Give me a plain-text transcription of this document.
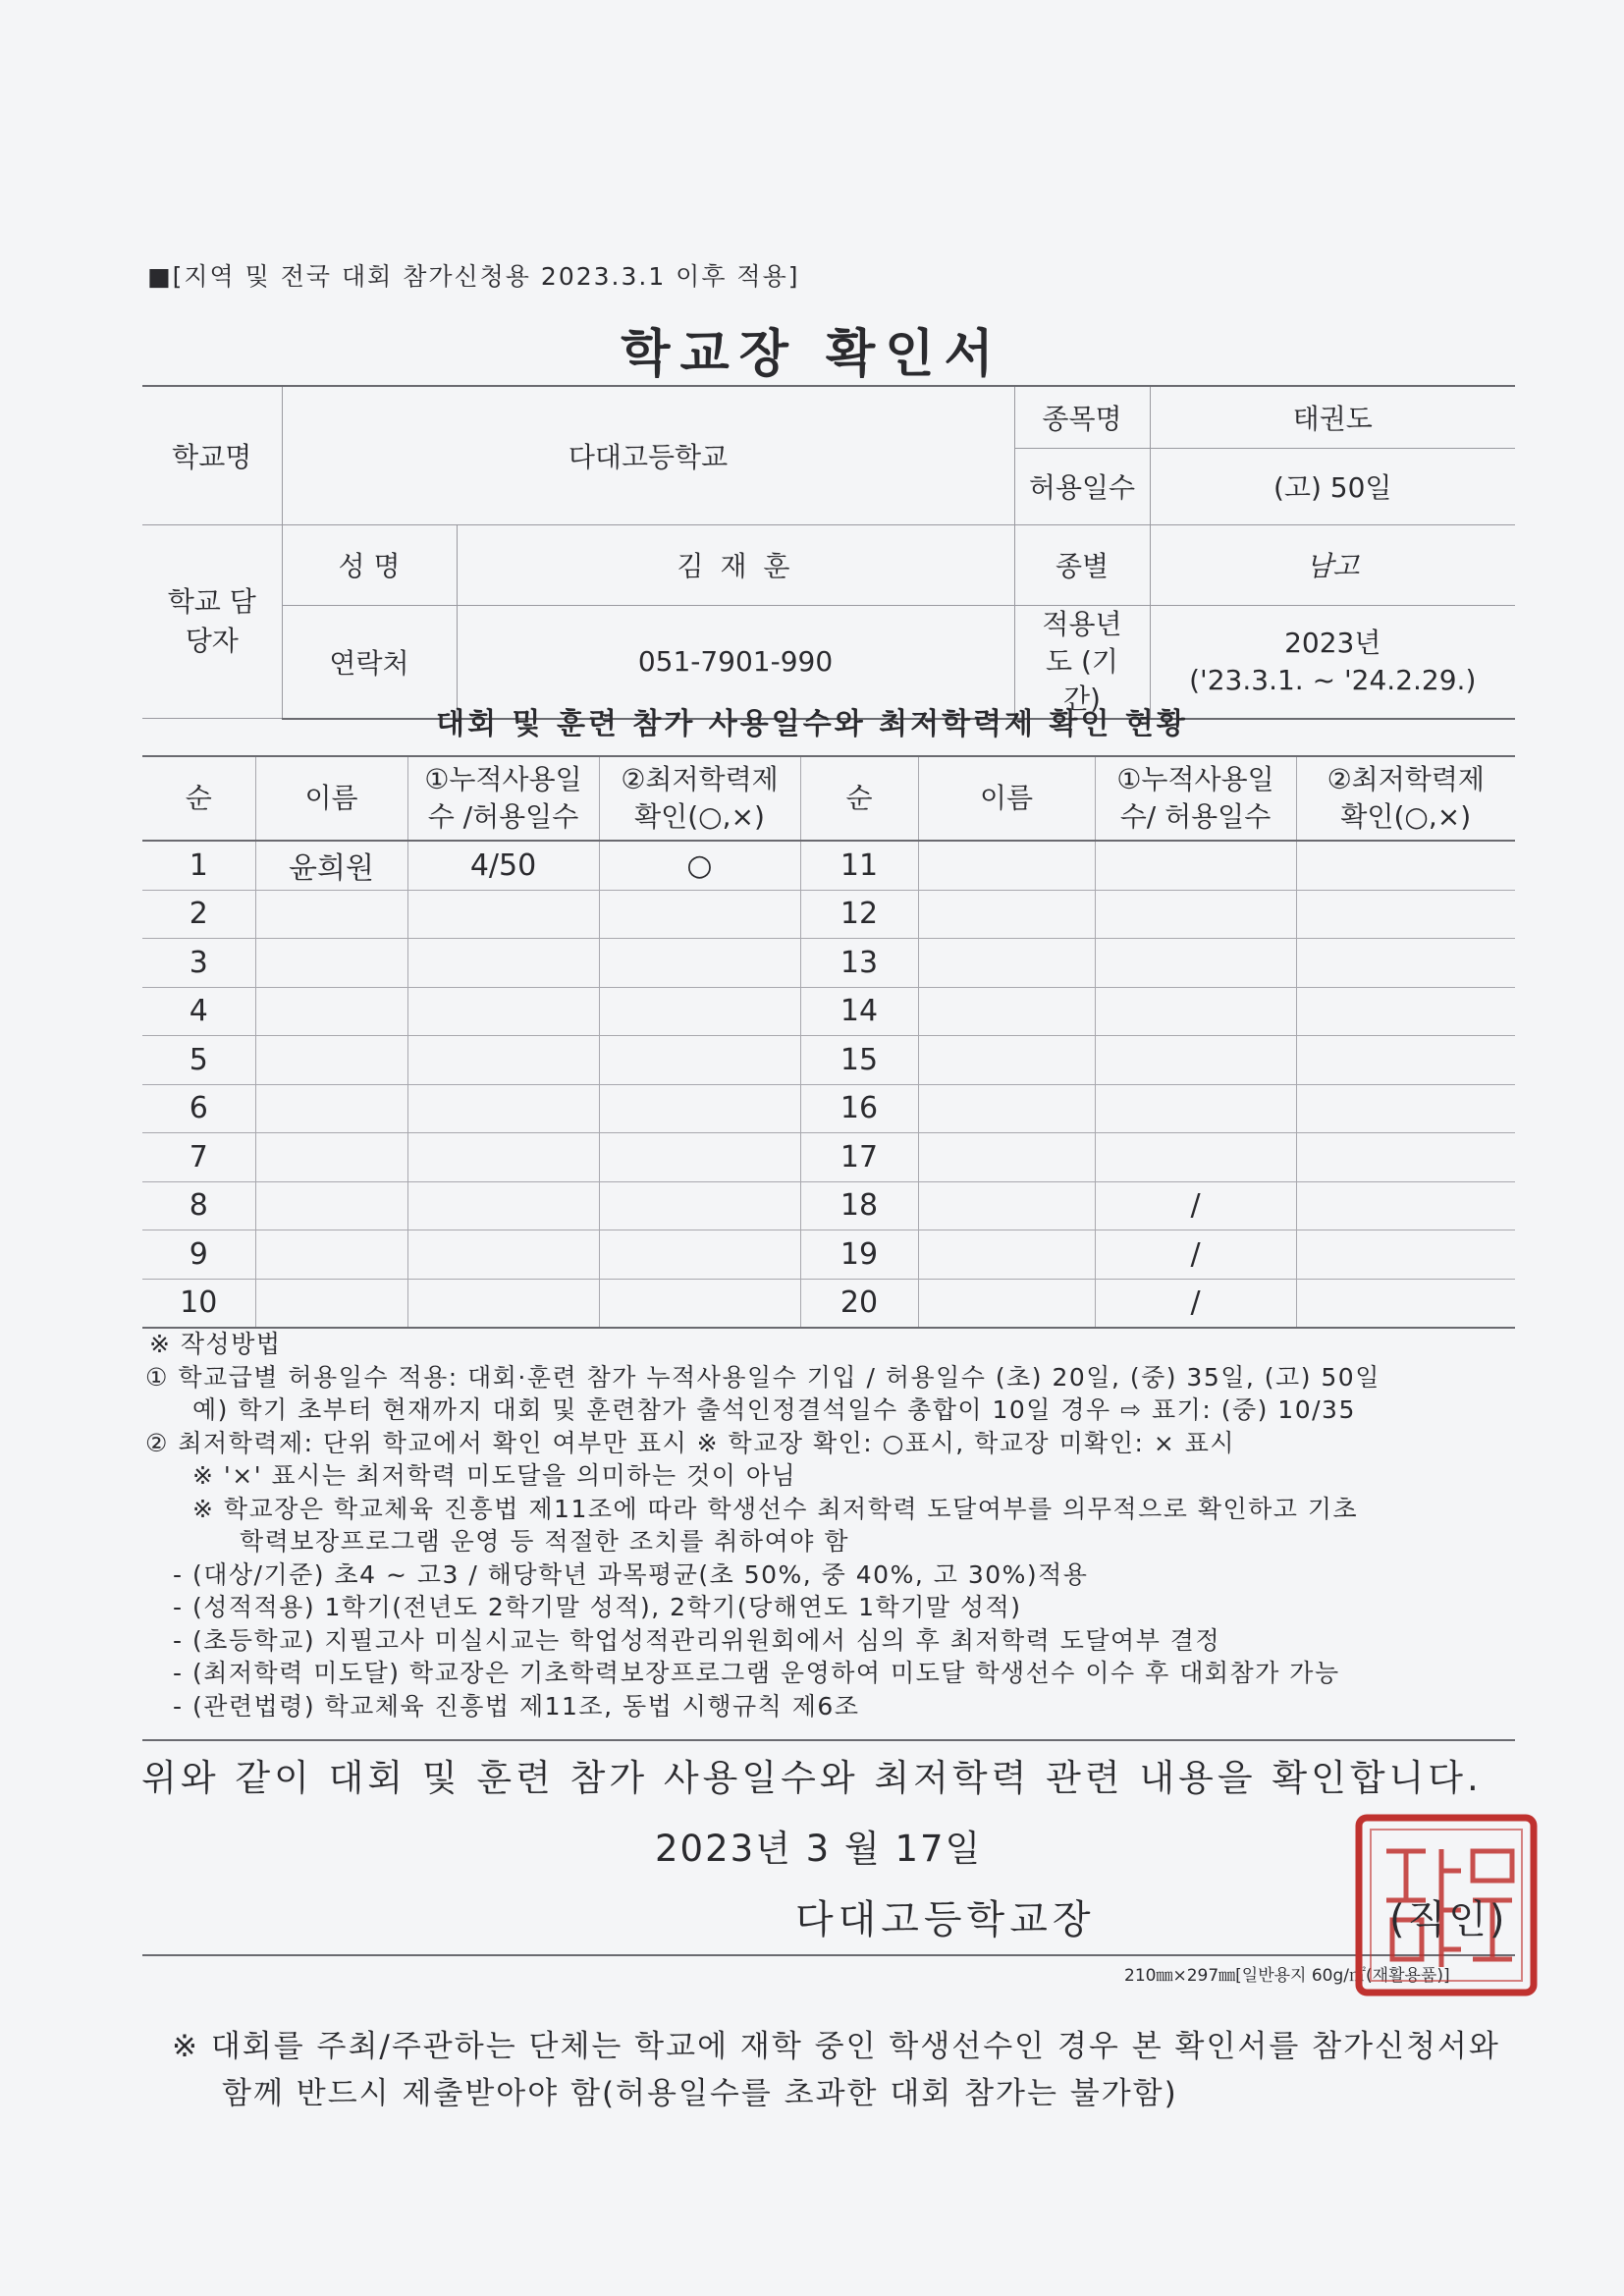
■[지역 및 전국 대회 참가신청용 2023.3.1 이후 적용]
학교장 확인서
학교명	다대고등학교		종목명	태권도
			허용일수	(고) 50일
학교 담당자	성 명	김 재 훈	종별	남고
	연락처	051-7901-990	적용년도 (기간)	2023년
('23.3.1. ~ '24.2.29.)
대회 및 훈련 참가 사용일수와 최저학력제 확인 현황
순	이름	①누적사용일수 /허용일수	②최저학력제 확인(○,×)	순	이름	①누적사용일수/ 허용일수	②최저학력제 확인(○,×)
1	윤희원	4/50	○	11			
2				12			
3				13			
4				14			
5				15			
6				16			
7				17			
8				18		/	
9				19		/	
10				20		/	
※ 작성방법
① 학교급별 허용일수 적용: 대회·훈련 참가 누적사용일수 기입 / 허용일수 (초) 20일, (중) 35일, (고) 50일
예) 학기 초부터 현재까지 대회 및 훈련참가 출석인정결석일수 총합이 10일 경우 ⇨ 표기: (중) 10/35
② 최저학력제: 단위 학교에서 확인 여부만 표시 ※ 학교장 확인: ○표시, 학교장 미확인: × 표시
※ '×' 표시는 최저학력 미도달을 의미하는 것이 아님
※ 학교장은 학교체육 진흥법 제11조에 따라 학생선수 최저학력 도달여부를 의무적으로 확인하고 기초
학력보장프로그램 운영 등 적절한 조치를 취하여야 함
- (대상/기준) 초4 ~ 고3 / 해당학년 과목평균(초 50%, 중 40%, 고 30%)적용
- (성적적용) 1학기(전년도 2학기말 성적), 2학기(당해연도 1학기말 성적)
- (초등학교) 지필고사 미실시교는 학업성적관리위원회에서 심의 후 최저학력 도달여부 결정
- (최저학력 미도달) 학교장은 기초학력보장프로그램 운영하여 미도달 학생선수 이수 후 대회참가 가능
- (관련법령) 학교체육 진흥법 제11조, 동법 시행규칙 제6조
위와 같이 대회 및 훈련 참가 사용일수와 최저학력 관련 내용을 확인합니다.
2023년 3 월 17일
다대고등학교장	(직인)
210㎜×297㎜[일반용지 60g/㎡(재활용품)]
※ 대회를 주최/주관하는 단체는 학교에 재학 중인 학생선수인 경우 본 확인서를 참가신청서와
함께 반드시 제출받아야 함(허용일수를 초과한 대회 참가는 불가함)
